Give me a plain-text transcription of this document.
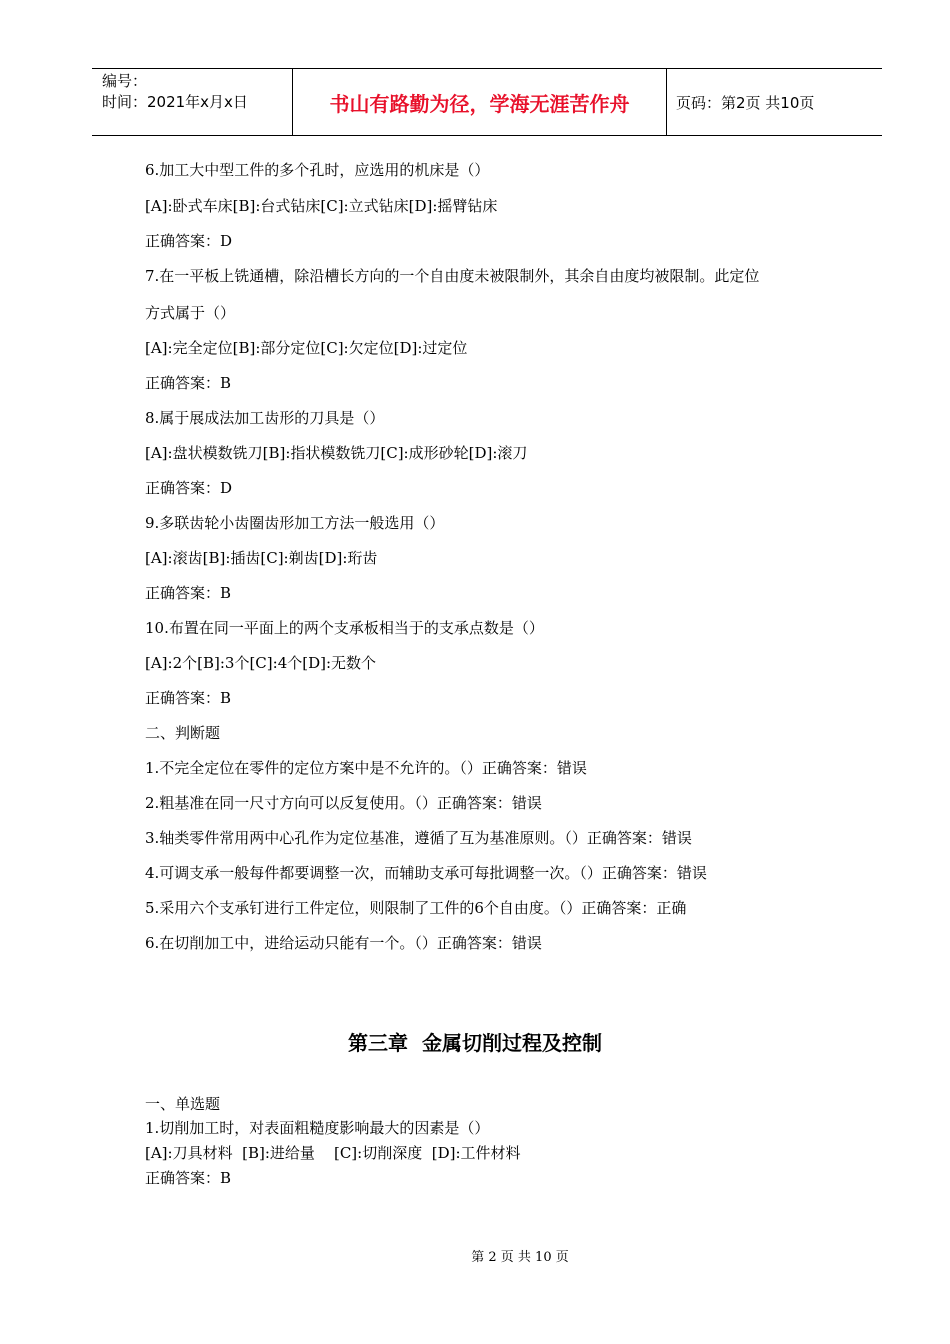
编号：
时间：2021年x月x日	书山有路勤为径，学海无涯苦作舟	页码：第2页 共10页
6.加工大中型工件的多个孔时，应选用的机床是（）
[A]:卧式车床[B]:台式钻床[C]:立式钻床[D]:摇臂钻床
正确答案：D
7.在一平板上铣通槽，除沿槽长方向的一个自由度未被限制外，其余自由度均被限制。此定位
方式属于（）
[A]:完全定位[B]:部分定位[C]:欠定位[D]:过定位
正确答案：B
8.属于展成法加工齿形的刀具是（）
[A]:盘状模数铣刀[B]:指状模数铣刀[C]:成形砂轮[D]:滚刀
正确答案：D
9.多联齿轮小齿圈齿形加工方法一般选用（）
[A]:滚齿[B]:插齿[C]:剃齿[D]:珩齿
正确答案：B
10.布置在同一平面上的两个支承板相当于的支承点数是（）
[A]:2个[B]:3个[C]:4个[D]:无数个
正确答案：B
二、判断题
1.不完全定位在零件的定位方案中是不允许的。（）正确答案：错误
2.粗基准在同一尺寸方向可以反复使用。（）正确答案：错误
3.轴类零件常用两中心孔作为定位基准，遵循了互为基准原则。（）正确答案：错误
4.可调支承一般每件都要调整一次，而辅助支承可每批调整一次。（）正确答案：错误
5.采用六个支承钉进行工件定位，则限制了工件的6个自由度。（）正确答案：正确
6.在切削加工中，进给运动只能有一个。（）正确答案：错误
一、单选题
1.切削加工时，对表面粗糙度影响最大的因素是（）
[A]:刀具材料  [B]:进给量    [C]:切削深度  [D]:工件材料
正确答案：B
第三章  金属切削过程及控制
第 2 页 共 10 页
